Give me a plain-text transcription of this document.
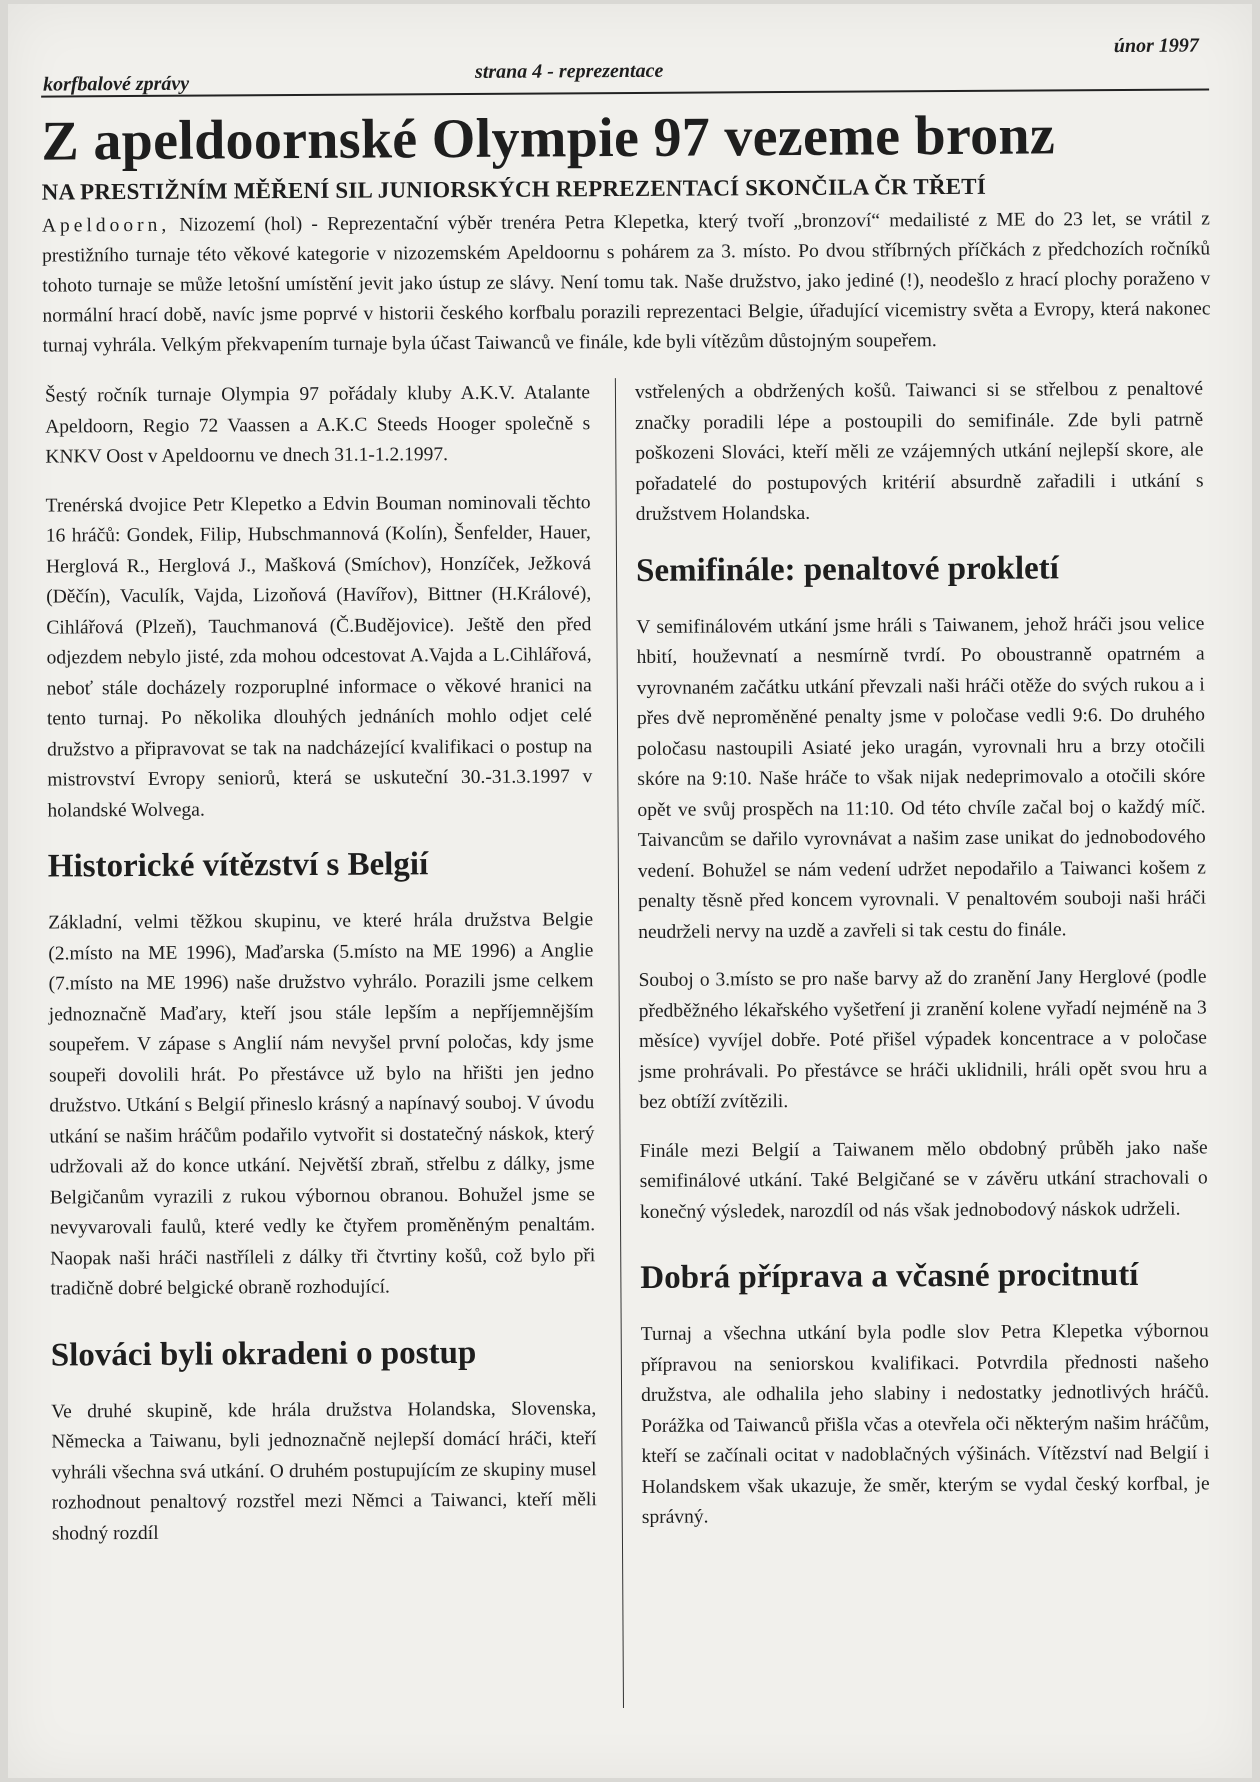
korfbalové zprávy
strana 4 - reprezentace
únor 1997
Z apeldoornské Olympie 97 vezeme bronz
NA PRESTIŽNÍM MĚŘENÍ SIL JUNIORSKÝCH REPREZENTACÍ SKONČILA ČR TŘETÍ

Apeldoorn, Nizozemí (hol) - Reprezentační výběr trenéra Petra Klepetka, který tvoří „bronzoví“ medailisté z ME do 23 let, se vrátil z prestižního turnaje této věkové kategorie v nizozemském Apeldoornu s pohárem za 3. místo. Po dvou stříbrných příčkách z předchozích ročníků tohoto turnaje se může letošní umístění jevit jako ústup ze slávy. Není tomu tak. Naše družstvo, jako jediné (!), neodešlo z hrací plochy poraženo v normální hrací době, navíc jsme poprvé v historii českého korfbalu porazili reprezentaci Belgie, úřadující vicemistry světa a Evropy, která nakonec turnaj vyhrála. Velkým překvapením turnaje byla účast Taiwanců ve finále, kde byli vítězům důstojným soupeřem.

Šestý ročník turnaje Olympia 97 pořádaly kluby A.K.V. Atalante Apeldoorn, Regio 72 Vaassen a A.K.C Steeds Hooger společně s KNKV Oost v Apeldoornu ve dnech 31.1-1.2.1997.

Trenérská dvojice Petr Klepetko a Edvin Bouman nominovali těchto 16 hráčů: Gondek, Filip, Hubschmannová (Kolín), Šenfelder, Hauer, Herglová R., Herglová J., Mašková (Smíchov), Honzíček, Ježková (Děčín), Vaculík, Vajda, Lizoňová (Havířov), Bittner (H.Králové), Cihlářová (Plzeň), Tauchmanová (Č.Budějovice). Ještě den před odjezdem nebylo jisté, zda mohou odcestovat A.Vajda a L.Cihlářová, neboť stále docházely rozporuplné informace o věkové hranici na tento turnaj. Po několika dlouhých jednáních mohlo odjet celé družstvo a připravovat se tak na nadcházející kvalifikaci o postup na mistrovství Evropy seniorů, která se uskuteční 30.-31.3.1997 v holandské Wolvega.

Historické vítězství s Belgií

Základní, velmi těžkou skupinu, ve které hrála družstva Belgie (2.místo na ME 1996), Maďarska (5.místo na ME 1996) a Anglie (7.místo na ME 1996) naše družstvo vyhrálo. Porazili jsme celkem jednoznačně Maďary, kteří jsou stále lepším a nepříjemnějším soupeřem. V zápase s Anglií nám nevyšel první poločas, kdy jsme soupeři dovolili hrát. Po přestávce už bylo na hřišti jen jedno družstvo. Utkání s Belgií přineslo krásný a napínavý souboj. V úvodu utkání se našim hráčům podařilo vytvořit si dostatečný náskok, který udržovali až do konce utkání. Největší zbraň, střelbu z dálky, jsme Belgičanům vyrazili z rukou výbornou obranou. Bohužel jsme se nevyvarovali faulů, které vedly ke čtyřem proměněným penaltám. Naopak naši hráči nastříleli z dálky tři čtvrtiny košů, což bylo při tradičně dobré belgické obraně rozhodující.

Slováci byli okradeni o postup

Ve druhé skupině, kde hrála družstva Holandska, Slovenska, Německa a Taiwanu, byli jednoznačně nejlepší domácí hráči, kteří vyhráli všechna svá utkání. O druhém postupujícím ze skupiny musel rozhodnout penaltový rozstřel mezi Němci a Taiwanci, kteří měli shodný rozdíl

vstřelených a obdržených košů. Taiwanci si se střelbou z penaltové značky poradili lépe a postoupili do semifinále. Zde byli patrně poškozeni Slováci, kteří měli ze vzájemných utkání nejlepší skore, ale pořadatelé do postupových kritérií absurdně zařadili i utkání s družstvem Holandska.

Semifinále: penaltové prokletí

V semifinálovém utkání jsme hráli s Taiwanem, jehož hráči jsou velice hbití, houževnatí a nesmírně tvrdí. Po oboustranně opatrném a vyrovnaném začátku utkání převzali naši hráči otěže do svých rukou a i přes dvě neproměněné penalty jsme v poločase vedli 9:6. Do druhého poločasu nastoupili Asiaté jeko uragán, vyrovnali hru a brzy otočili skóre na 9:10. Naše hráče to však nijak nedeprimovalo a otočili skóre opět ve svůj prospěch na 11:10. Od této chvíle začal boj o každý míč. Taivancům se dařilo vyrovnávat a našim zase unikat do jednobodového vedení. Bohužel se nám vedení udržet nepodařilo a Taiwanci košem z penalty těsně před koncem vyrovnali. V penaltovém souboji naši hráči neudrželi nervy na uzdě a zavřeli si tak cestu do finále.

Souboj o 3.místo se pro naše barvy až do zranění Jany Herglové (podle předběžného lékařského vyšetření ji zranění kolene vyřadí nejméně na 3 měsíce) vyvíjel dobře. Poté přišel výpadek koncentrace a v poločase jsme prohrávali. Po přestávce se hráči uklidnili, hráli opět svou hru a bez obtíží zvítězili.

Finále mezi Belgií a Taiwanem mělo obdobný průběh jako naše semifinálové utkání. Také Belgičané se v závěru utkání strachovali o konečný výsledek, narozdíl od nás však jednobodový náskok udrželi.

Dobrá příprava a včasné procitnutí

Turnaj a všechna utkání byla podle slov Petra Klepetka výbornou přípravou na seniorskou kvalifikaci. Potvrdila přednosti našeho družstva, ale odhalila jeho slabiny i nedostatky jednotlivých hráčů. Porážka od Taiwanců přišla včas a otevřela oči některým našim hráčům, kteří se začínali ocitat v nadoblačných výšinách. Vítězství nad Belgií i Holandskem však ukazuje, že směr, kterým se vydal český korfbal, je správný.
